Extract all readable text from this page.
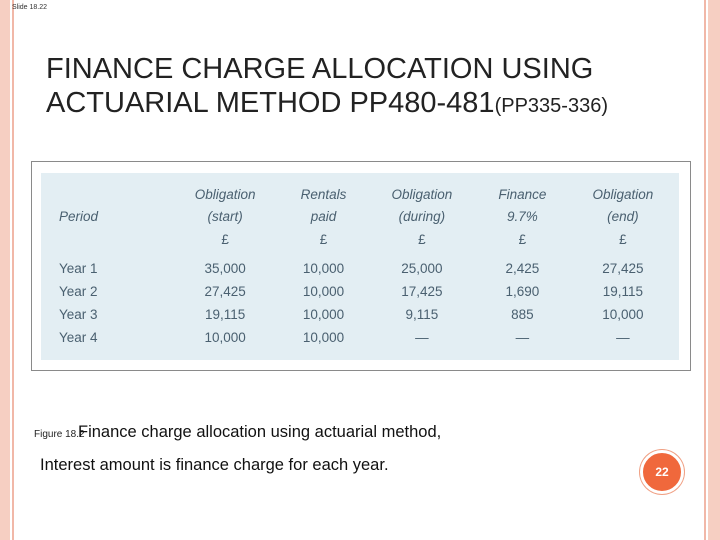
Slide 18.22
FINANCE CHARGE ALLOCATION USING ACTUARIAL METHOD PP480-481(PP335-336)
	Obligation	Rentals	Obligation	Finance	Obligation
Period	(start)	paid	(during)	9.7%	(end)
	£	£	£	£	£

Year 1	35,000	10,000	25,000	2,425	27,425
Year 2	27,425	10,000	17,425	1,690	19,115
Year 3	19,115	10,000	9,115	885	10,000
Year 4	10,000	10,000	—	—	—
Figure 18.2
Finance charge allocation using actuarial method,
Interest amount is finance charge for each year.	22
